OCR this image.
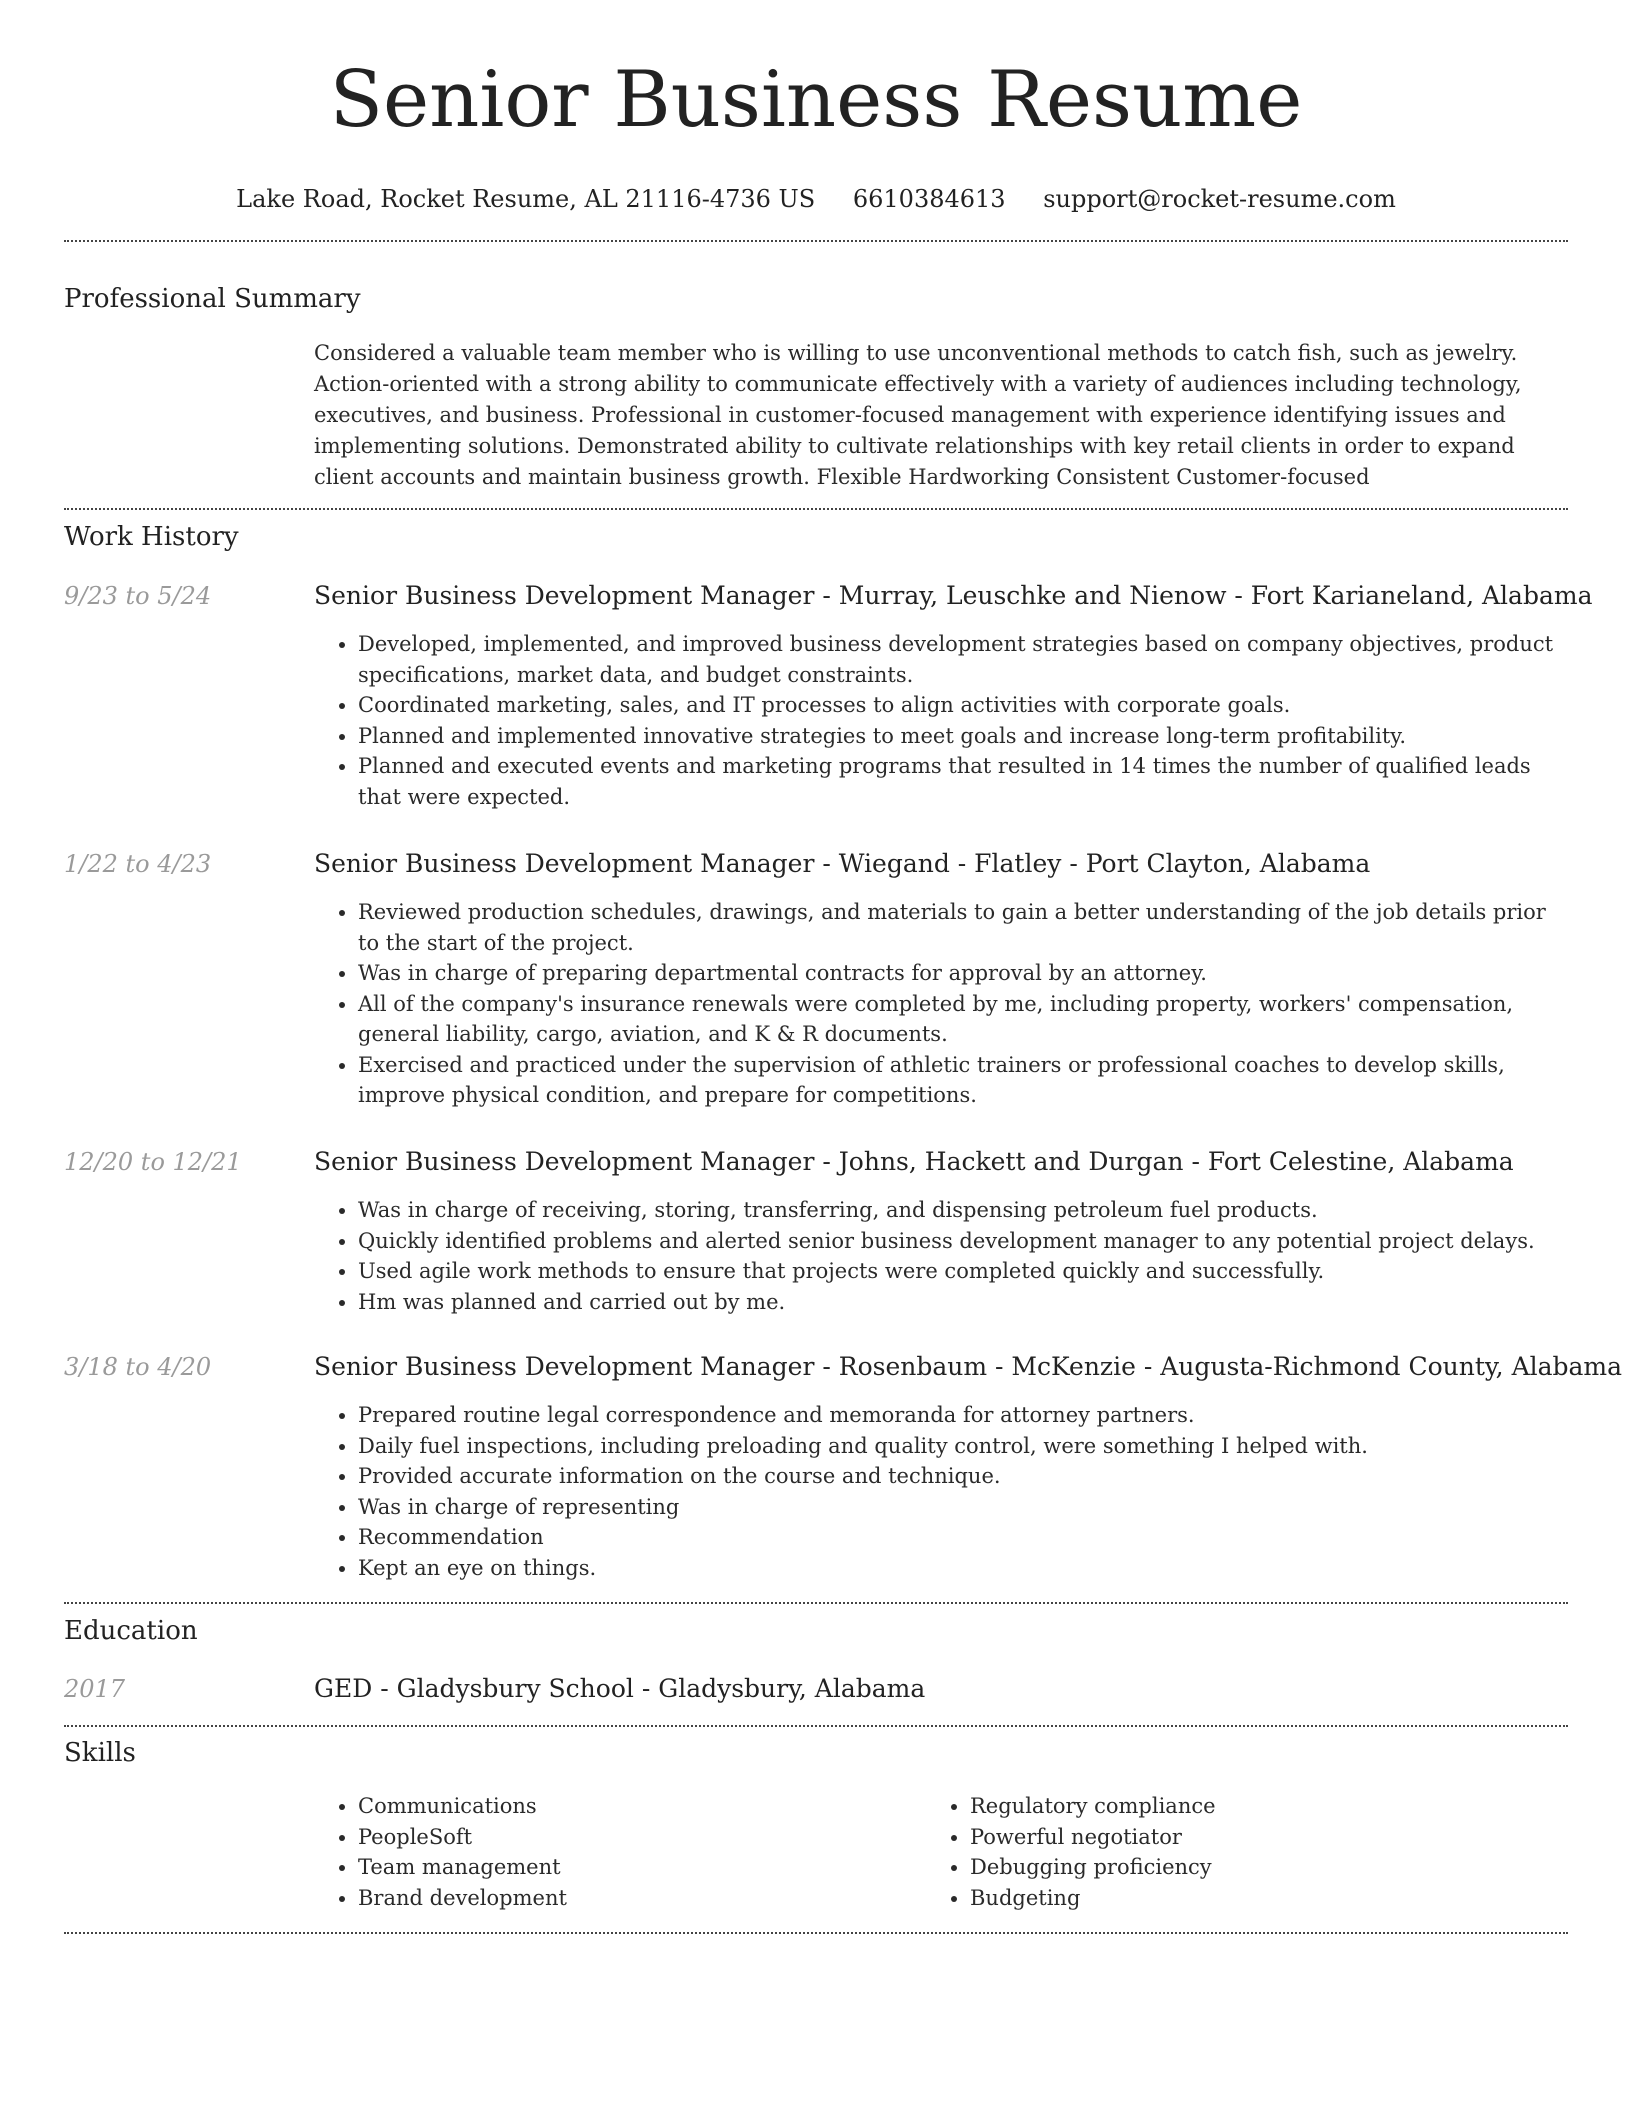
Senior Business Resume
Lake Road, Rocket Resume, AL 21116-4736 US 6610384613 support@rocket-resume.com
Professional Summary
Considered a valuable team member who is willing to use unconventional methods to catch fish, such as jewelry. Action-oriented with a strong ability to communicate effectively with a variety of audiences including technology, executives, and business. Professional in customer-focused management with experience identifying issues and implementing solutions. Demonstrated ability to cultivate relationships with key retail clients in order to expand client accounts and maintain business growth. Flexible Hardworking Consistent Customer-focused
Work History
9/23 to 5/24	Senior Business Development Manager - Murray, Leuschke and Nienow - Fort Karianeland, Alabama
• Developed, implemented, and improved business development strategies based on company objectives, product specifications, market data, and budget constraints.
• Coordinated marketing, sales, and IT processes to align activities with corporate goals.
• Planned and implemented innovative strategies to meet goals and increase long-term profitability.
• Planned and executed events and marketing programs that resulted in 14 times the number of qualified leads that were expected.
1/22 to 4/23	Senior Business Development Manager - Wiegand - Flatley - Port Clayton, Alabama
• Reviewed production schedules, drawings, and materials to gain a better understanding of the job details prior to the start of the project.
• Was in charge of preparing departmental contracts for approval by an attorney.
• All of the company's insurance renewals were completed by me, including property, workers' compensation, general liability, cargo, aviation, and K & R documents.
• Exercised and practiced under the supervision of athletic trainers or professional coaches to develop skills, improve physical condition, and prepare for competitions.
12/20 to 12/21	Senior Business Development Manager - Johns, Hackett and Durgan - Fort Celestine, Alabama
• Was in charge of receiving, storing, transferring, and dispensing petroleum fuel products.
• Quickly identified problems and alerted senior business development manager to any potential project delays.
• Used agile work methods to ensure that projects were completed quickly and successfully.
• Hm was planned and carried out by me.
3/18 to 4/20	Senior Business Development Manager - Rosenbaum - McKenzie - Augusta-Richmond County, Alabama
• Prepared routine legal correspondence and memoranda for attorney partners.
• Daily fuel inspections, including preloading and quality control, were something I helped with.
• Provided accurate information on the course and technique.
• Was in charge of representing
• Recommendation
• Kept an eye on things.
Education
2017	GED - Gladysbury School - Gladysbury, Alabama
Skills
• Communications
• PeopleSoft
• Team management
• Brand development
• Regulatory compliance
• Powerful negotiator
• Debugging proficiency
• Budgeting
